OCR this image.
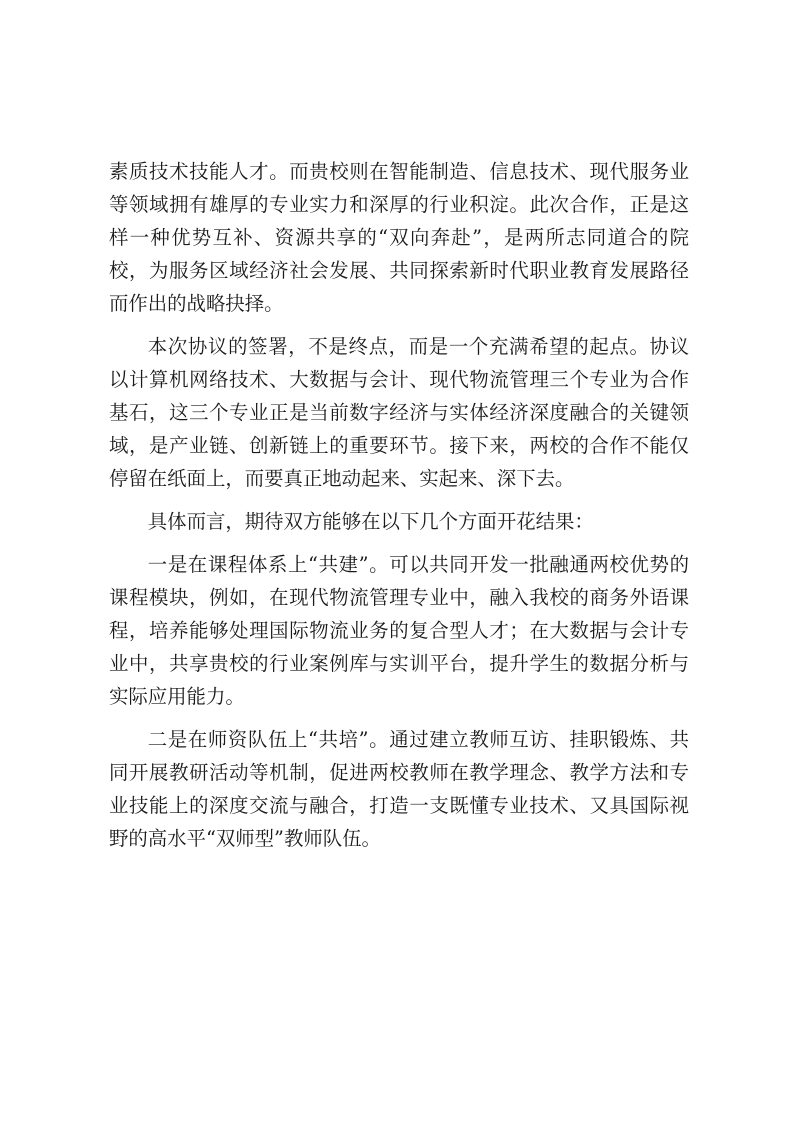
素质技术技能人才。而贵校则在智能制造、信息技术、现代服务业等领域拥有雄厚的专业实力和深厚的行业积淀。此次合作，正是这样一种优势互补、资源共享的“双向奔赴”，是两所志同道合的院校，为服务区域经济社会发展、共同探索新时代职业教育发展路径而作出的战略抉择。

本次协议的签署，不是终点，而是一个充满希望的起点。协议以计算机网络技术、大数据与会计、现代物流管理三个专业为合作基石，这三个专业正是当前数字经济与实体经济深度融合的关键领域，是产业链、创新链上的重要环节。接下来，两校的合作不能仅停留在纸面上，而要真正地动起来、实起来、深下去。

具体而言，期待双方能够在以下几个方面开花结果：

一是在课程体系上“共建”。可以共同开发一批融通两校优势的课程模块，例如，在现代物流管理专业中，融入我校的商务外语课程，培养能够处理国际物流业务的复合型人才；在大数据与会计专业中，共享贵校的行业案例库与实训平台，提升学生的数据分析与实际应用能力。

二是在师资队伍上“共培”。通过建立教师互访、挂职锻炼、共同开展教研活动等机制，促进两校教师在教学理念、教学方法和专业技能上的深度交流与融合，打造一支既懂专业技术、又具国际视野的高水平“双师型”教师队伍。
